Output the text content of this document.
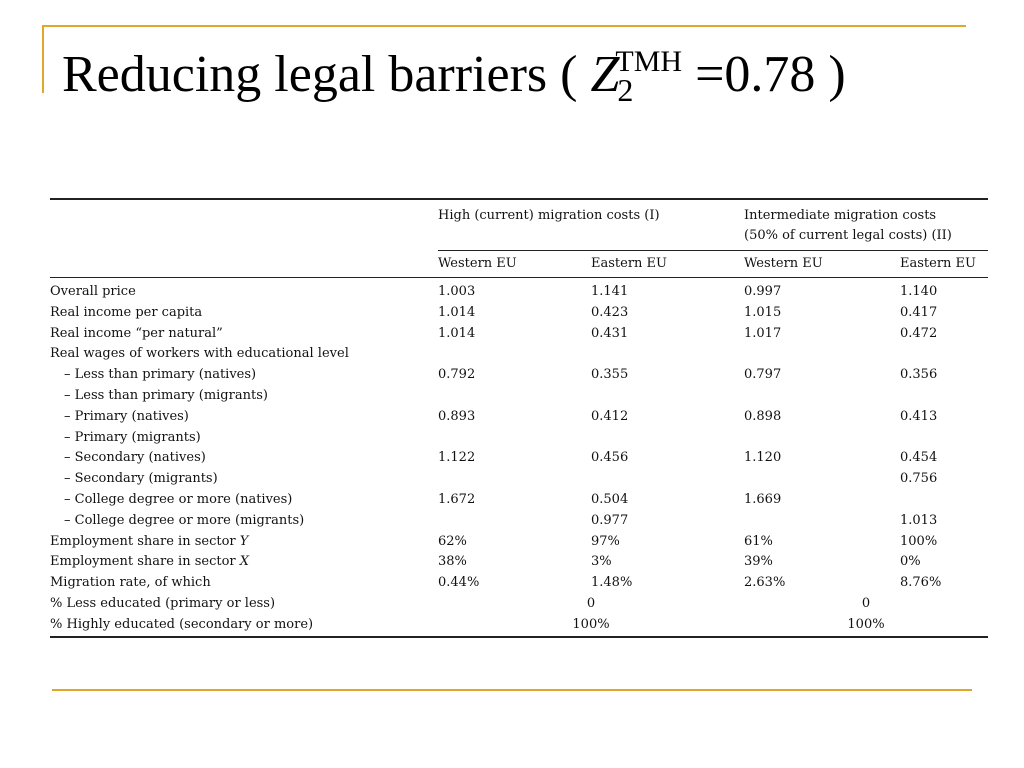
Reducing legal barriers ( $Z2^{TMH} =0.78$ )

	High (current) migration costs (I)		Intermediate migration costs
(50% of current legal costs) (II)	
	Western EU	Eastern EU	Western EU	Eastern EU
Overall price	1.003	1.141	0.997	1.140
Real income per capita	1.014	0.423	1.015	0.417
Real income “per natural”	1.014	0.431	1.017	0.472
Real wages of workers with educational level				
– Less than primary (natives)	0.792	0.355	0.797	0.356
– Less than primary (migrants)				
– Primary (natives)	0.893	0.412	0.898	0.413
– Primary (migrants)				
– Secondary (natives)	1.122	0.456	1.120	0.454
– Secondary (migrants)				0.756
– College degree or more (natives)	1.672	0.504	1.669	
– College degree or more (migrants)		0.977		1.013
Employment share in sector Y	62%	97%	61%	100%
Employment share in sector X	38%	3%	39%	0%
Migration rate, of which	0.44%	1.48%	2.63%	8.76%
% Less educated (primary or less)	0		0	
% Highly educated (secondary or more)	100%		100%	
